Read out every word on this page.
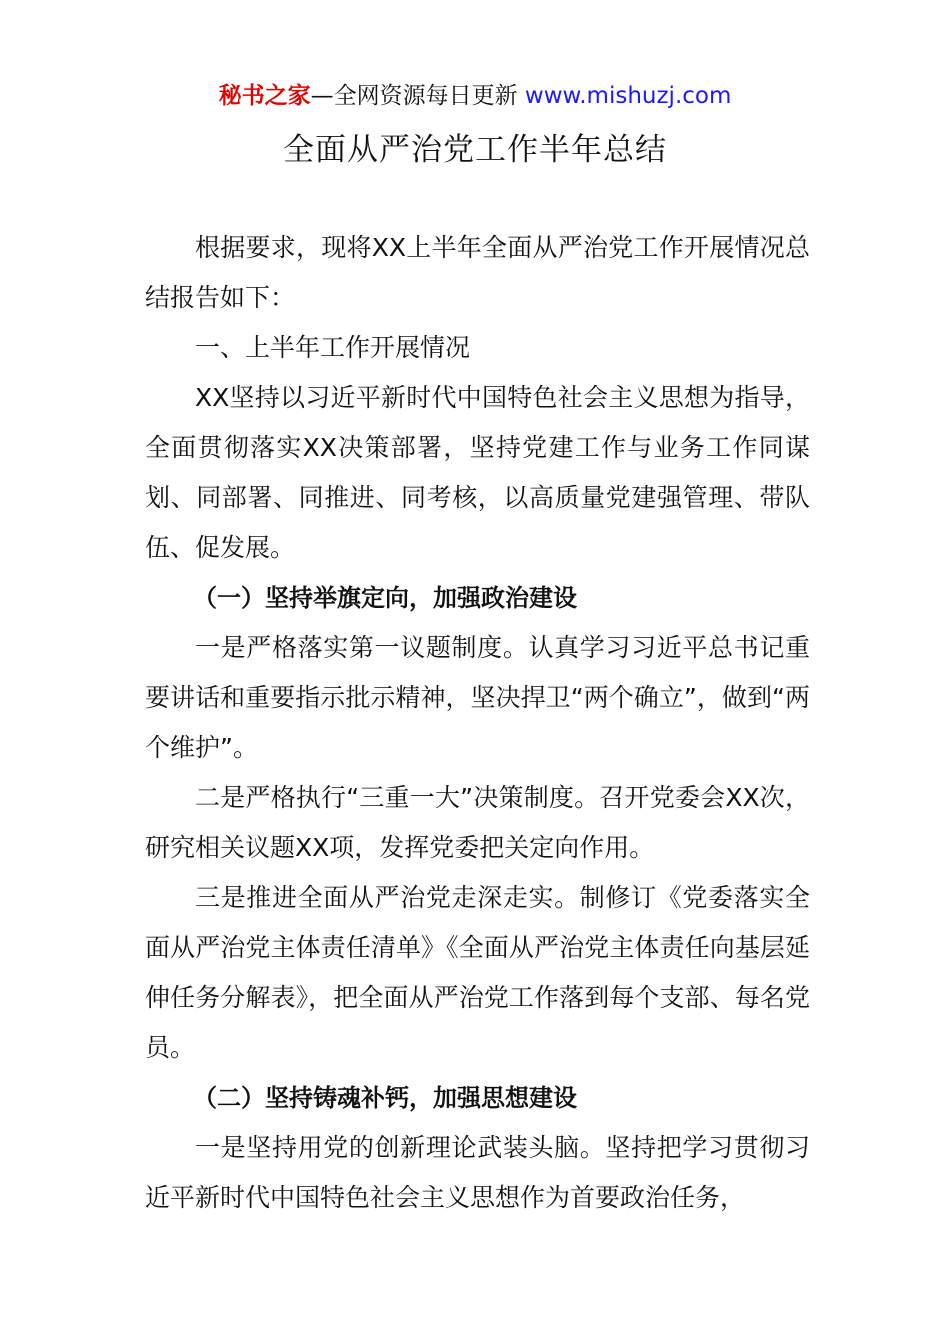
秘书之家—全网资源每日更新 www.mishuzj.com
全面从严治党工作半年总结

根据要求，现将XX上半年全面从严治党工作开展情况总结报告如下：

一、上半年工作开展情况

XX坚持以习近平新时代中国特色社会主义思想为指导，全面贯彻落实XX决策部署，坚持党建工作与业务工作同谋划、同部署、同推进、同考核，以高质量党建强管理、带队伍、促发展。

（一）坚持举旗定向，加强政治建设

一是严格落实第一议题制度。认真学习习近平总书记重要讲话和重要指示批示精神，坚决捍卫“两个确立”，做到“两个维护”。

二是严格执行“三重一大”决策制度。召开党委会XX次，研究相关议题XX项，发挥党委把关定向作用。

三是推进全面从严治党走深走实。制修订《党委落实全面从严治党主体责任清单》《全面从严治党主体责任向基层延伸任务分解表》，把全面从严治党工作落到每个支部、每名党员。

（二）坚持铸魂补钙，加强思想建设

一是坚持用党的创新理论武装头脑。坚持把学习贯彻习近平新时代中国特色社会主义思想作为首要政治任务，
